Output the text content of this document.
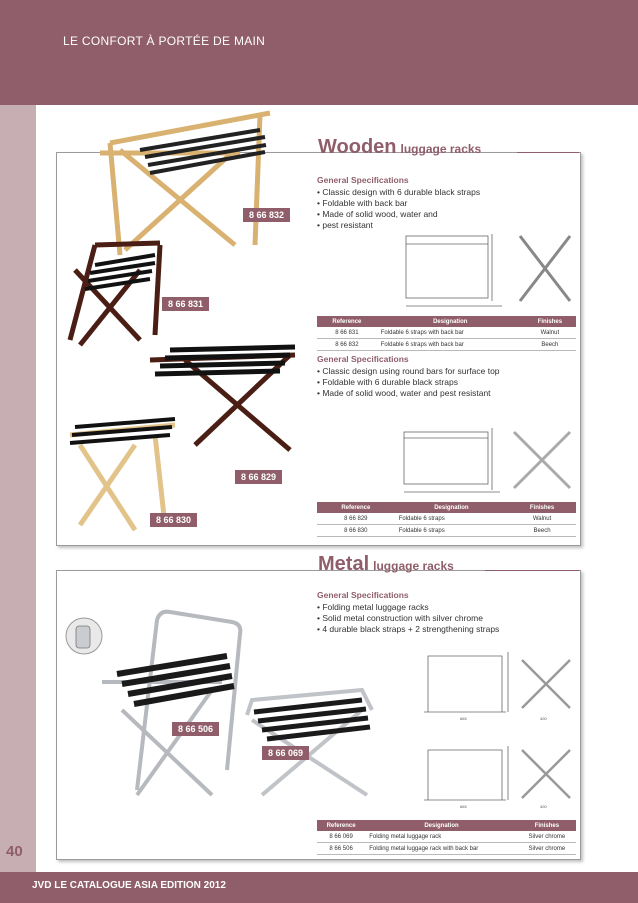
LE CONFORT À PORTÉE DE MAIN
Wooden luggage racks
8 66 832
8 66 831
8 66 829
8 66 830
General Specifications
• Classic design with 6 durable black straps
• Foldable with back bar
• Made of solid wood, water and
• pest resistant
Reference	Designation	Finishes
8 66 831	Foldable 6 straps with back bar	Walnut
8 66 832	Foldable 6 straps with back bar	Beech
General Specifications
• Classic design using round bars for surface top
• Foldable with 6 durable black straps
• Made of solid wood, water and pest resistant
Reference	Designation	Finishes
8 66 829	Foldable 6 straps	Walnut
8 66 830	Foldable 6 straps	Beech
Metal luggage racks
8 66 506
8 66 069
General Specifications
• Folding metal luggage racks
• Solid metal construction with silver chrome
• 4 durable black straps + 2 strengthening straps
665	400
665	400
Reference	Designation	Finishes
8 66 069	Folding metal luggage rack	Silver chrome
8 66 506	Folding metal luggage rack with back bar	Silver chrome
40
JVD LE CATALOGUE ASIA EDITION 2012
